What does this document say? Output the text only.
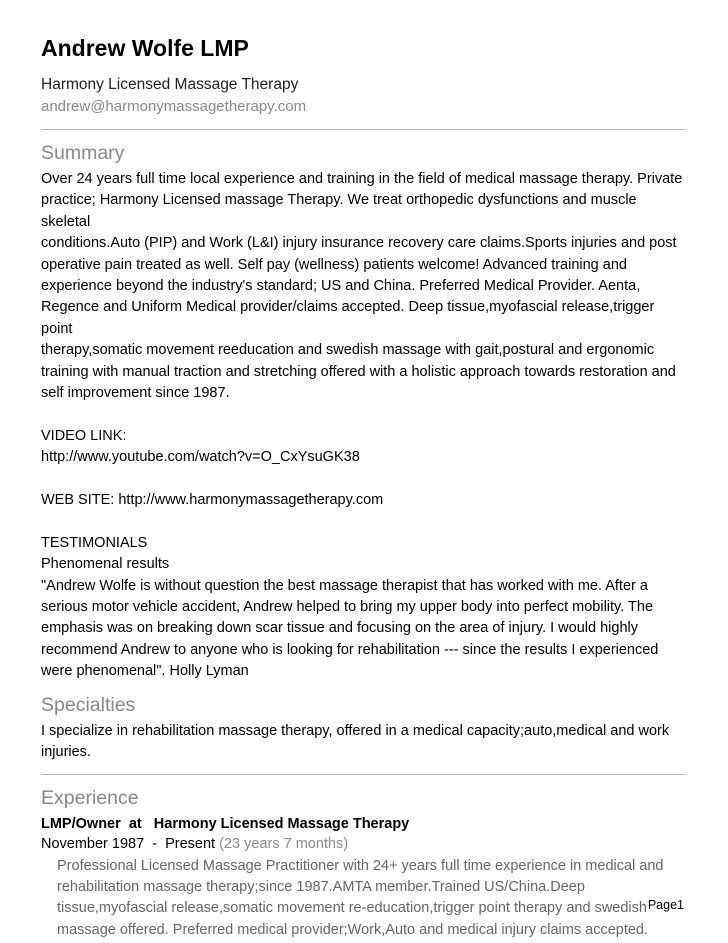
Andrew Wolfe LMP
Harmony Licensed Massage Therapy
andrew@harmonymassagetherapy.com
Summary

Over 24 years full time local experience and training in the field of medical massage therapy. Private

practice; Harmony Licensed massage Therapy. We treat orthopedic dysfunctions and muscle skeletal

conditions.Auto (PIP) and Work (L&I) injury insurance recovery care claims.Sports injuries and post

operative pain treated as well. Self pay (wellness) patients welcome! Advanced training and

experience beyond the industry's standard; US and China. Preferred Medical Provider. Aenta,

Regence and Uniform Medical provider/claims accepted. Deep tissue,myofascial release,trigger point

therapy,somatic movement reeducation and swedish massage with gait,postural and ergonomic

training with manual traction and stretching offered with a holistic approach towards restoration and

self improvement since 1987.

VIDEO LINK:

http://www.youtube.com/watch?v=O_CxYsuGK38

WEB SITE: http://www.harmonymassagetherapy.com

TESTIMONIALS

Phenomenal results

"Andrew Wolfe is without question the best massage therapist that has worked with me. After a

serious motor vehicle accident, Andrew helped to bring my upper body into perfect mobility. The

emphasis was on breaking down scar tissue and focusing on the area of injury. I would highly

recommend Andrew to anyone who is looking for rehabilitation --- since the results I experienced

were phenomenal". Holly Lyman

Specialties

I specialize in rehabilitation massage therapy, offered in a medical capacity;auto,medical and work

injuries.

Experience
LMP/Owner  at   Harmony Licensed Massage Therapy
November 1987  -  Present (23 years 7 months)
Professional Licensed Massage Practitioner with 24+ years full time experience in medical and
rehabilitation massage therapy;since 1987.AMTA member.Trained US/China.Deep
tissue,myofascial release,somatic movement re-education,trigger point therapy and swedish
massage offered. Preferred medical provider;Work,Auto and medical injury claims accepted.
Page1
